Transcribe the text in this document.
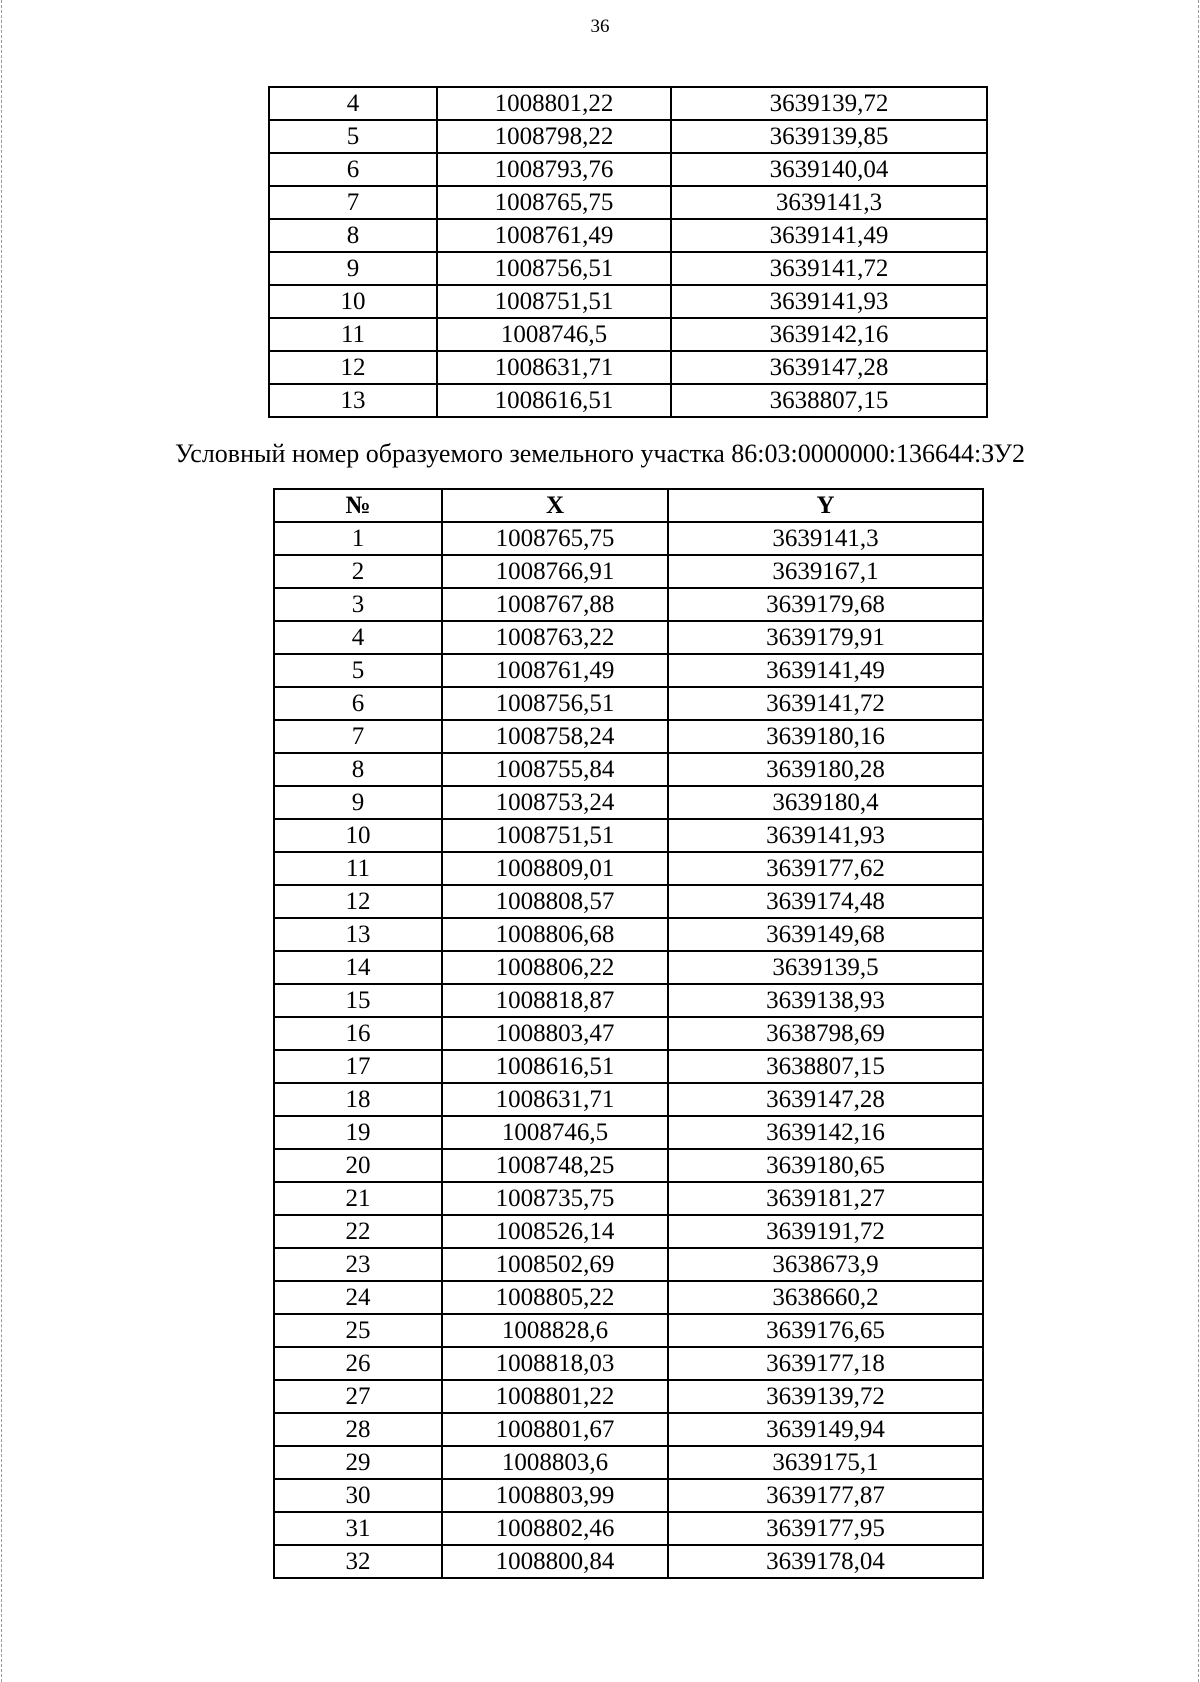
36
4	1008801,22	3639139,72
5	1008798,22	3639139,85
6	1008793,76	3639140,04
7	1008765,75	3639141,3
8	1008761,49	3639141,49
9	1008756,51	3639141,72
10	1008751,51	3639141,93
11	1008746,5	3639142,16
12	1008631,71	3639147,28
13	1008616,51	3638807,15
Условный номер образуемого земельного участка 86:03:0000000:136644:ЗУ2
№	X	Y
1	1008765,75	3639141,3
2	1008766,91	3639167,1
3	1008767,88	3639179,68
4	1008763,22	3639179,91
5	1008761,49	3639141,49
6	1008756,51	3639141,72
7	1008758,24	3639180,16
8	1008755,84	3639180,28
9	1008753,24	3639180,4
10	1008751,51	3639141,93
11	1008809,01	3639177,62
12	1008808,57	3639174,48
13	1008806,68	3639149,68
14	1008806,22	3639139,5
15	1008818,87	3639138,93
16	1008803,47	3638798,69
17	1008616,51	3638807,15
18	1008631,71	3639147,28
19	1008746,5	3639142,16
20	1008748,25	3639180,65
21	1008735,75	3639181,27
22	1008526,14	3639191,72
23	1008502,69	3638673,9
24	1008805,22	3638660,2
25	1008828,6	3639176,65
26	1008818,03	3639177,18
27	1008801,22	3639139,72
28	1008801,67	3639149,94
29	1008803,6	3639175,1
30	1008803,99	3639177,87
31	1008802,46	3639177,95
32	1008800,84	3639178,04
